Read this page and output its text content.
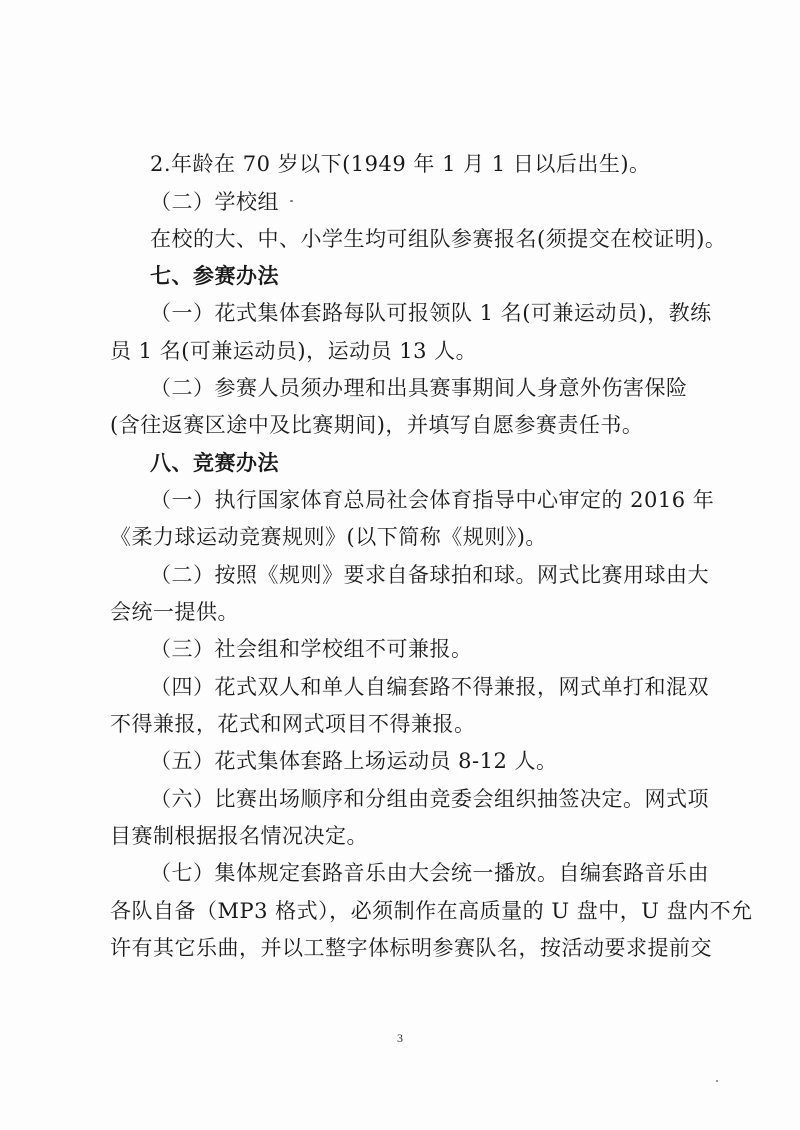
2.年龄在 70 岁以下(1949 年 1 月 1 日以后出生)。
（二）学校组
在校的大、中、小学生均可组队参赛报名(须提交在校证明)。
七、参赛办法
（一）花式集体套路每队可报领队 1 名(可兼运动员)，教练
员 1 名(可兼运动员)，运动员 13 人。
（二）参赛人员须办理和出具赛事期间人身意外伤害保险
(含往返赛区途中及比赛期间)，并填写自愿参赛责任书。
八、竞赛办法
（一）执行国家体育总局社会体育指导中心审定的 2016 年
《柔力球运动竞赛规则》(以下简称《规则》)。
（二）按照《规则》要求自备球拍和球。网式比赛用球由大
会统一提供。
（三）社会组和学校组不可兼报。
（四）花式双人和单人自编套路不得兼报，网式单打和混双
不得兼报，花式和网式项目不得兼报。
（五）花式集体套路上场运动员 8-12 人。
（六）比赛出场顺序和分组由竞委会组织抽签决定。网式项
目赛制根据报名情况决定。
（七）集体规定套路音乐由大会统一播放。自编套路音乐由
各队自备（MP3 格式），必须制作在高质量的 U 盘中，U 盘内不允
许有其它乐曲，并以工整字体标明参赛队名，按活动要求提前交
3
